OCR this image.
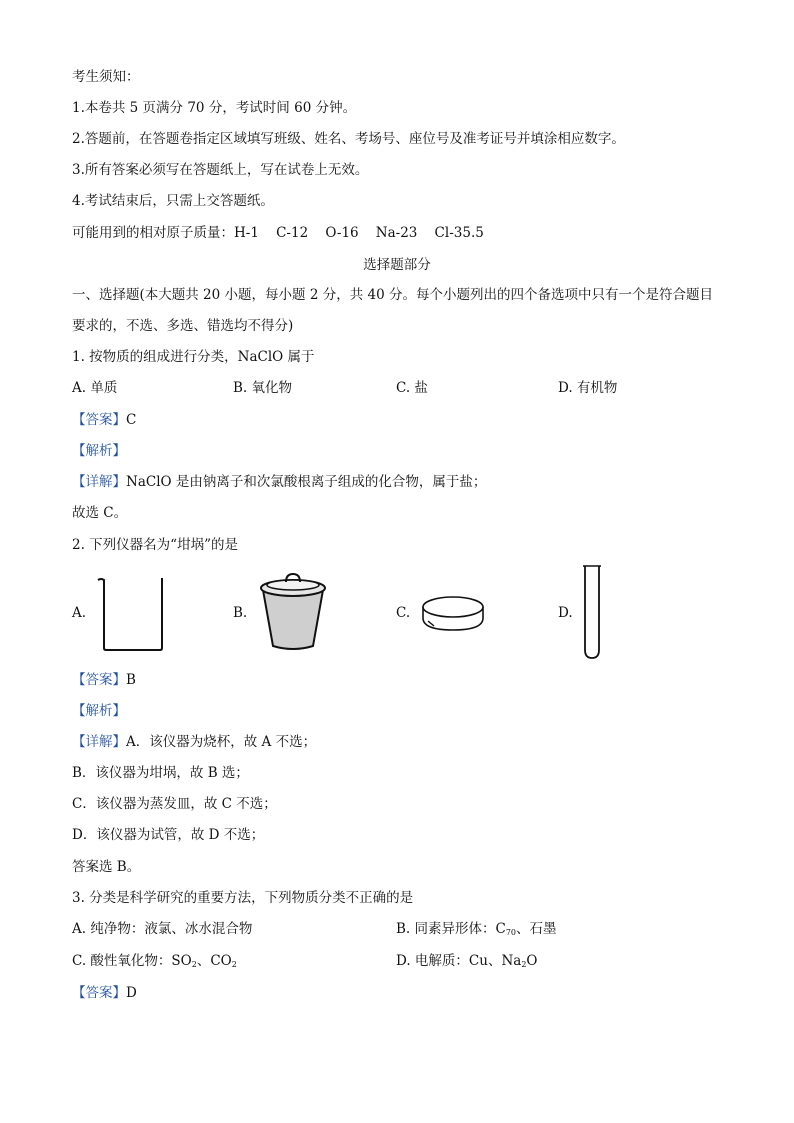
考生须知：
1.本卷共 5 页满分 70 分，考试时间 60 分钟。
2.答题前，在答题卷指定区域填写班级、姓名、考场号、座位号及准考证号并填涂相应数字。
3.所有答案必须写在答题纸上，写在试卷上无效。
4.考试结束后，只需上交答题纸。
可能用到的相对原子质量：H-1    C-12    O-16    Na-23    Cl-35.5
选择题部分
一、选择题(本大题共 20 小题，每小题 2 分，共 40 分。每个小题列出的四个备选项中只有一个是符合题目
要求的，不选、多选、错选均不得分)
1. 按物质的组成进行分类，NaClO 属于
A. 单质	B. 氧化物	C. 盐	D. 有机物
【答案】C
【解析】
【详解】NaClO 是由钠离子和次氯酸根离子组成的化合物，属于盐；
故选 C。
2. 下列仪器名为“坩埚”的是
A.	B.	C.	D.
【答案】B
【解析】
【详解】A．该仪器为烧杯，故 A 不选；
B．该仪器为坩埚，故 B 选；
C．该仪器为蒸发皿，故 C 不选；
D．该仪器为试管，故 D 不选；
答案选 B。
3. 分类是科学研究的重要方法，下列物质分类不正确的是
A. 纯净物：液氯、冰水混合物	B. 同素异形体：$C_{70}$、石墨
C. 酸性氧化物：$SO_2$、$CO_2$	D. 电解质：Cu、$Na_2O$
【答案】D
